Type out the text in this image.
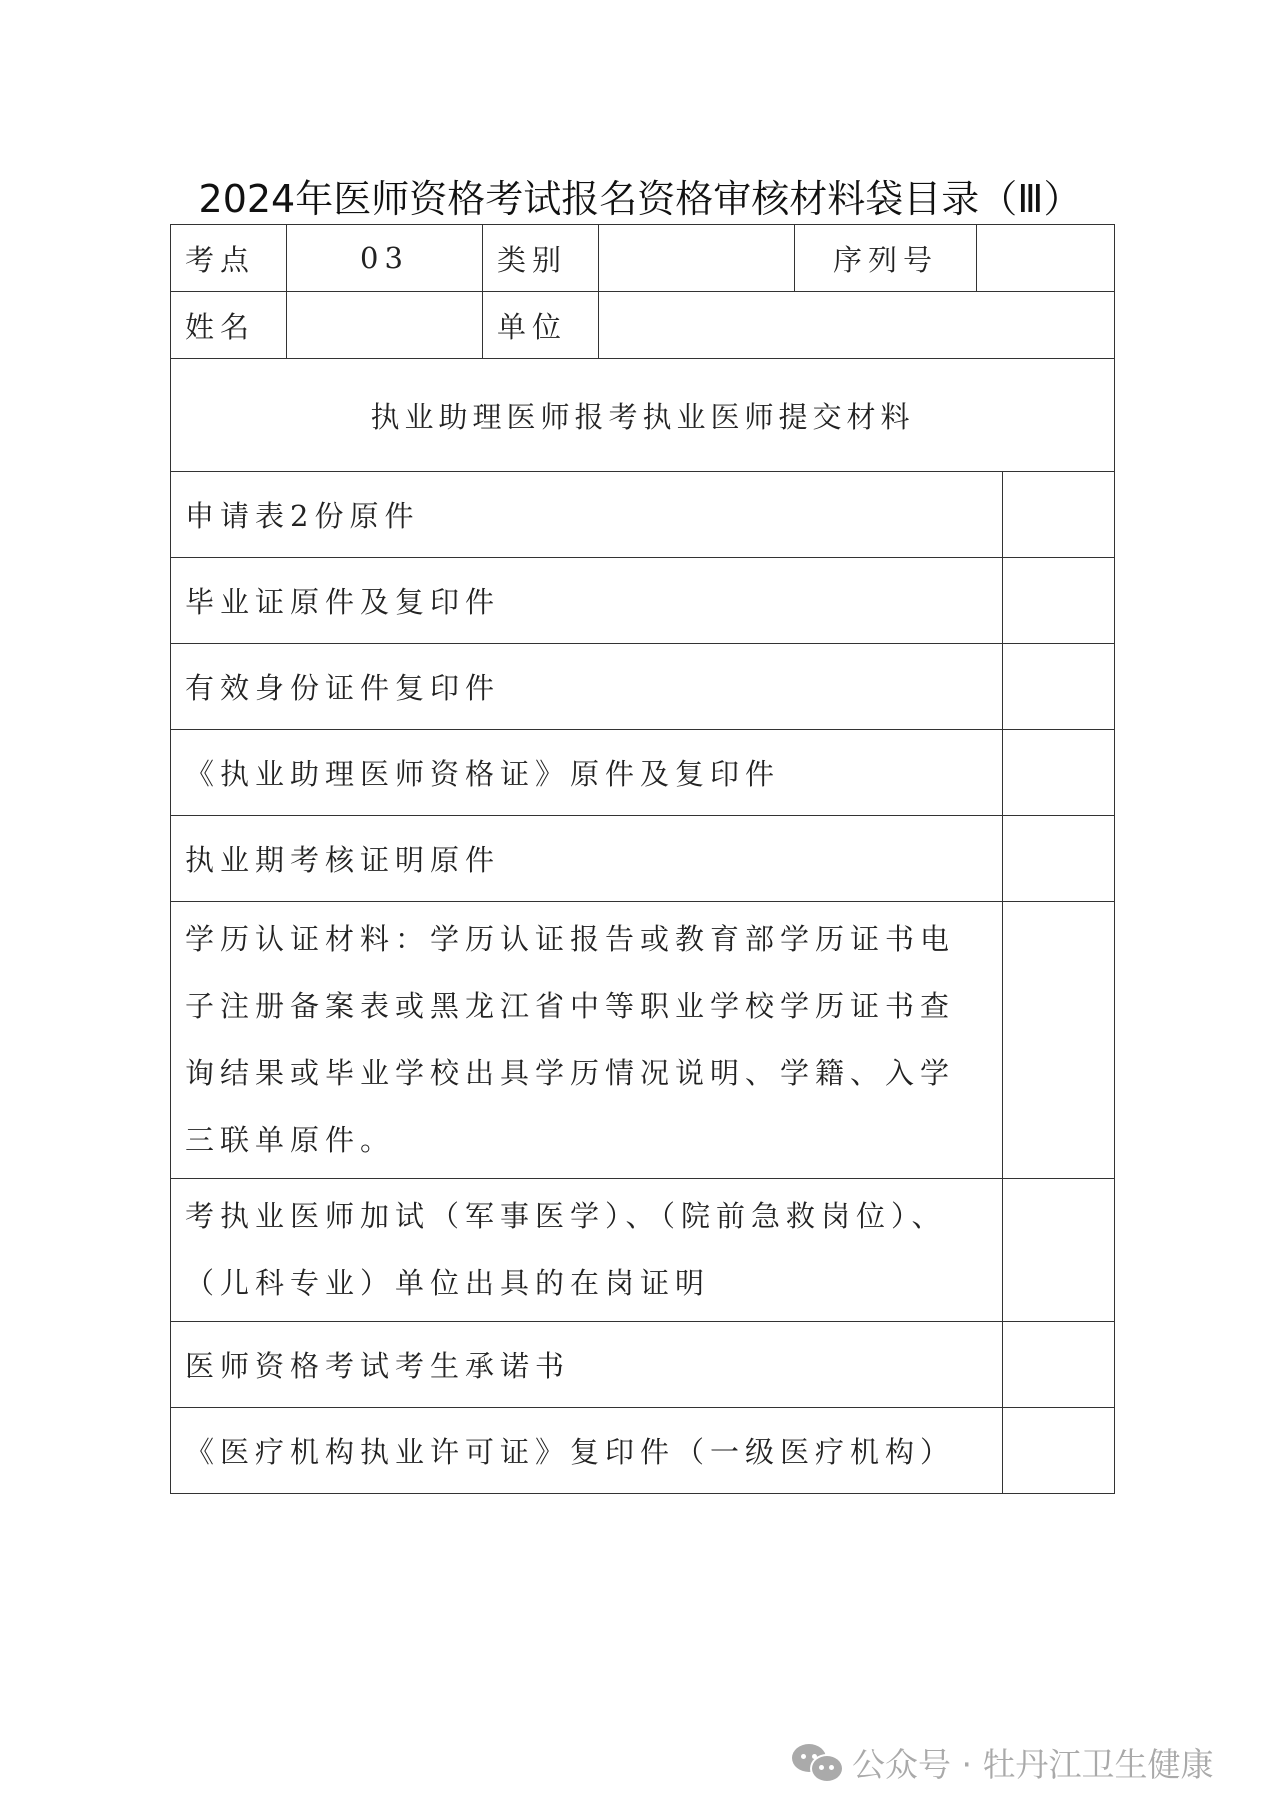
2024年医师资格考试报名资格审核材料袋目录（Ⅲ）
考点	03	类别		序列号	
姓名		单位			
执业助理医师报考执业医师提交材料					
申请表2份原件	
毕业证原件及复印件	
有效身份证件复印件	
《执业助理医师资格证》原件及复印件	
执业期考核证明原件	
学历认证材料：学历认证报告或教育部学历证书电子注册备案表或黑龙江省中等职业学校学历证书查询结果或毕业学校出具学历情况说明、学籍、入学三联单原件。	
考执业医师加试（军事医学）、（院前急救岗位）、（儿科专业）单位出具的在岗证明	
医师资格考试考生承诺书	
《医疗机构执业许可证》复印件（一级医疗机构）	
公众号 · 牡丹江卫生健康
